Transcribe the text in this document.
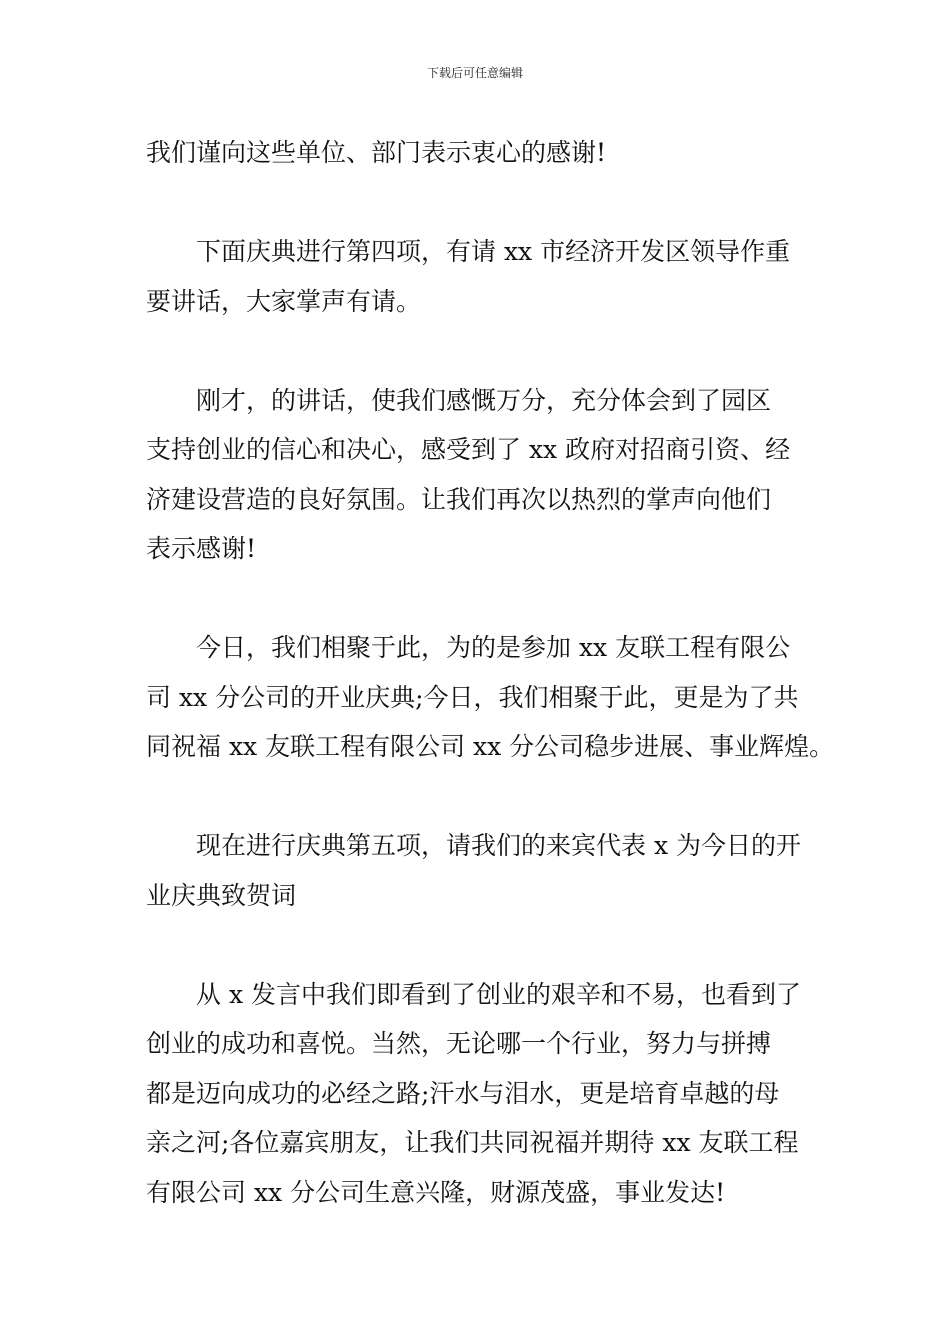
下载后可任意编辑
我们谨向这些单位、部门表示衷心的感谢!
下面庆典进行第四项，有请 xx 市经济开发区领导作重
要讲话，大家掌声有请。
刚才，的讲话，使我们感慨万分，充分体会到了园区
支持创业的信心和决心，感受到了 xx 政府对招商引资、经
济建设营造的良好氛围。让我们再次以热烈的掌声向他们
表示感谢!
今日，我们相聚于此，为的是参加 xx 友联工程有限公
司 xx 分公司的开业庆典;今日，我们相聚于此，更是为了共
同祝福 xx 友联工程有限公司 xx 分公司稳步进展、事业辉煌。
现在进行庆典第五项，请我们的来宾代表 x 为今日的开
业庆典致贺词
从 x 发言中我们即看到了创业的艰辛和不易，也看到了
创业的成功和喜悦。当然，无论哪一个行业，努力与拼搏
都是迈向成功的必经之路;汗水与泪水，更是培育卓越的母
亲之河;各位嘉宾朋友，让我们共同祝福并期待 xx 友联工程
有限公司 xx 分公司生意兴隆，财源茂盛，事业发达!
